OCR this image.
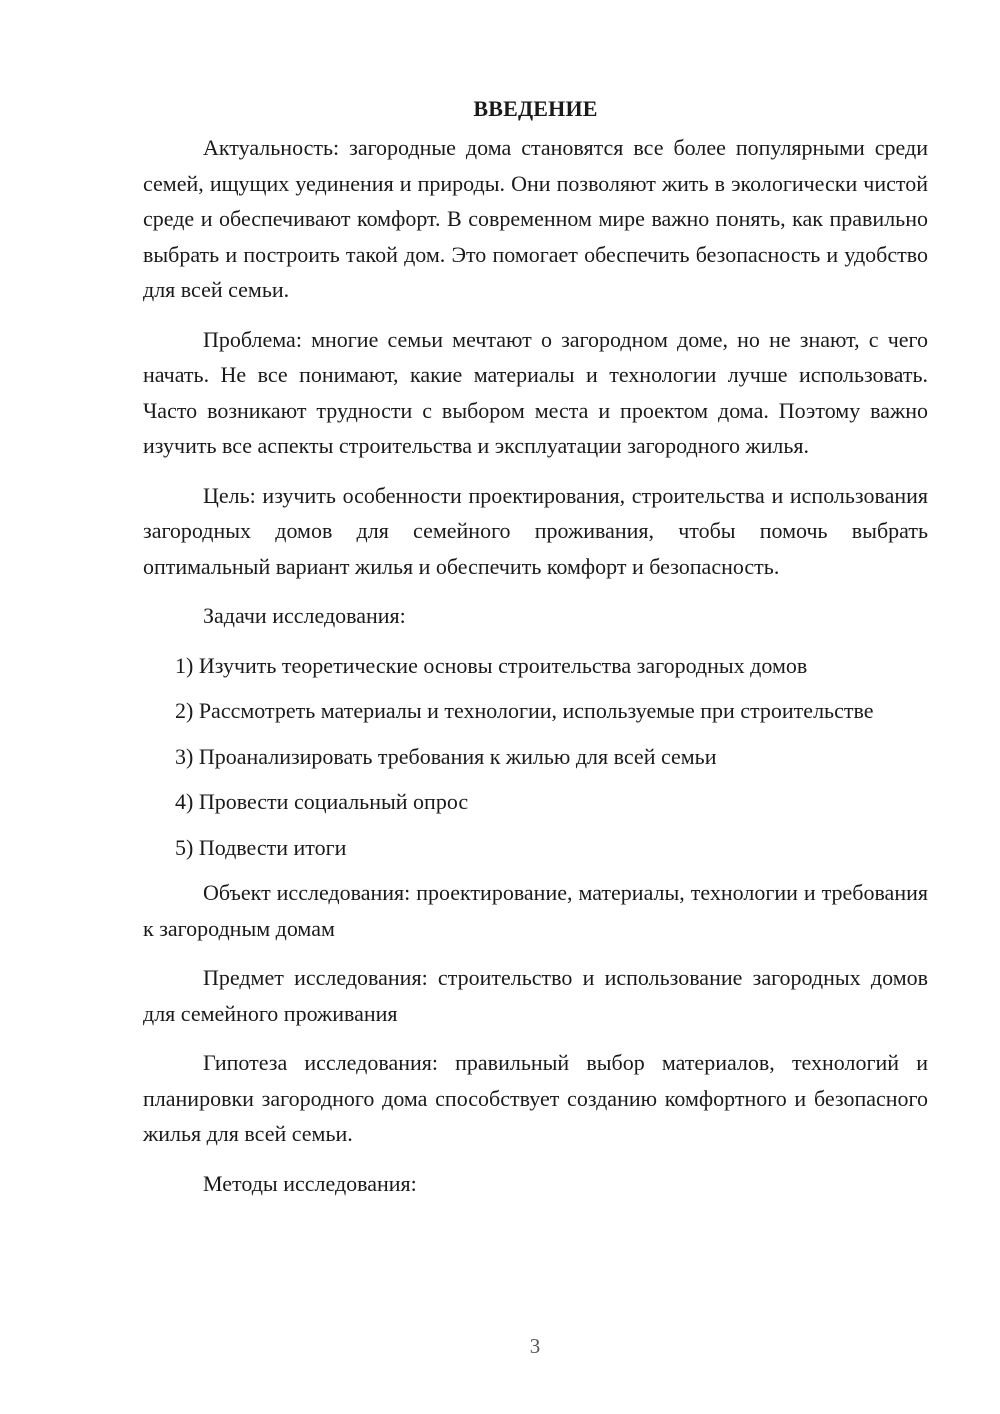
ВВЕДЕНИЕ

Актуальность: загородные дома становятся все более популярными среди семей, ищущих уединения и природы. Они позволяют жить в экологически чистой среде и обеспечивают комфорт. В современном мире важно понять, как правильно выбрать и построить такой дом. Это помогает обеспечить безопасность и удобство для всей семьи.

Проблема: многие семьи мечтают о загородном доме, но не знают, с чего начать. Не все понимают, какие материалы и технологии лучше использовать. Часто возникают трудности с выбором места и проектом дома. Поэтому важно изучить все аспекты строительства и эксплуатации загородного жилья.

Цель: изучить особенности проектирования, строительства и использования загородных домов для семейного проживания, чтобы помочь выбрать оптимальный вариант жилья и обеспечить комфорт и безопасность.

Задачи исследования:

1) Изучить теоретические основы строительства загородных домов

2) Рассмотреть материалы и технологии, используемые при строительстве

3) Проанализировать требования к жилью для всей семьи

4) Провести социальный опрос

5) Подвести итоги

Объект исследования: проектирование, материалы, технологии и требования к загородным домам

Предмет исследования: строительство и использование загородных домов для семейного проживания

Гипотеза исследования: правильный выбор материалов, технологий и планировки загородного дома способствует созданию комфортного и безопасного жилья для всей семьи.

Методы исследования:

3
